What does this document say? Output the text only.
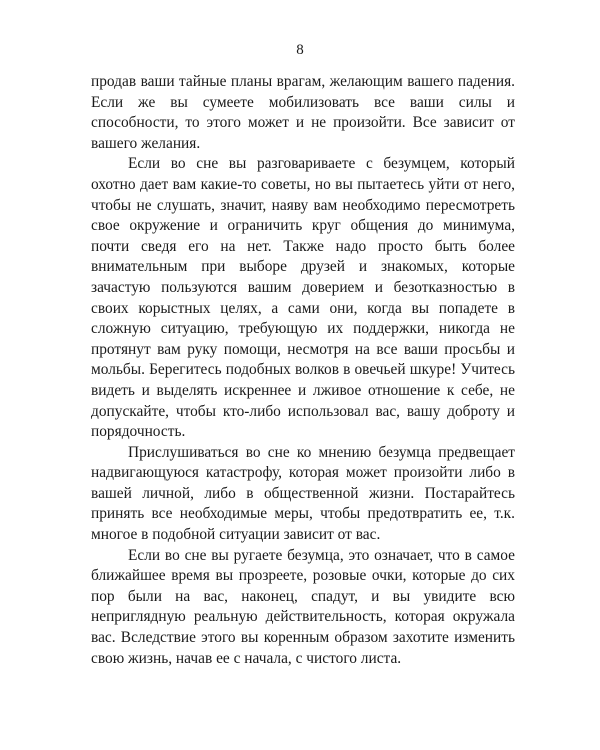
8

продав ваши тайные планы врагам, желающим вашего падения. Если же вы сумеете мобилизовать все ваши силы и способности, то этого может и не произойти. Все зависит от вашего желания.

Если во сне вы разговариваете с безумцем, который охотно дает вам какие-то советы, но вы пытаетесь уйти от него, чтобы не слушать, значит, наяву вам необходимо пересмотреть свое окружение и ограничить круг общения до минимума, почти сведя его на нет. Также надо просто быть более внимательным при выборе друзей и знакомых, которые зачастую пользуются вашим доверием и безотказностью в своих корыстных целях, а сами они, когда вы попадете в сложную ситуацию, требующую их поддержки, никогда не протянут вам руку помощи, несмотря на все ваши просьбы и мольбы. Берегитесь подобных волков в овечьей шкуре! Учитесь видеть и выделять искреннее и лживое отношение к себе, не допускайте, чтобы кто-либо использовал вас, вашу доброту и порядочность.

Прислушиваться во сне ко мнению безумца предвещает надвигающуюся катастрофу, которая может произойти либо в вашей личной, либо в общественной жизни. Постарайтесь принять все необходимые меры, чтобы предотвратить ее, т.к. многое в подобной ситуации зависит от вас.

Если во сне вы ругаете безумца, это означает, что в самое ближайшее время вы прозреете, розовые очки, которые до сих пор были на вас, наконец, спадут, и вы увидите всю неприглядную реальную действительность, которая окружала вас. Вследствие этого вы коренным образом захотите изменить свою жизнь, начав ее с начала, с чистого листа.
